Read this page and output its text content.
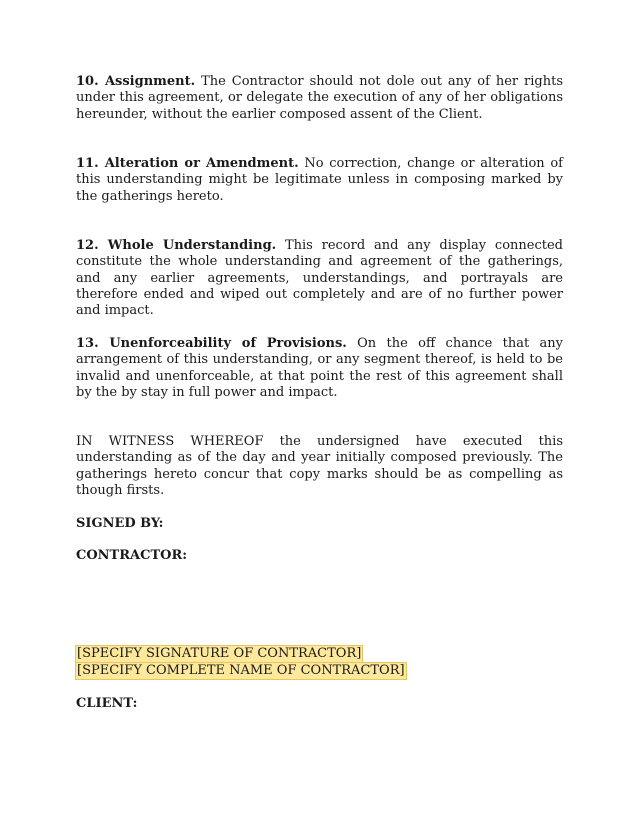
10. Assignment. The Contractor should not dole out any of her rights under this agreement, or delegate the execution of any of her obligations hereunder, without the earlier composed assent of the Client.

11. Alteration or Amendment. No correction, change or alteration of this understanding might be legitimate unless in composing marked by the gatherings hereto.

12. Whole Understanding. This record and any display connected constitute the whole understanding and agreement of the gatherings, and any earlier agreements, understandings, and portrayals are therefore ended and wiped out completely and are of no further power and impact.

13. Unenforceability of Provisions. On the off chance that any arrangement of this understanding, or any segment thereof, is held to be invalid and unenforceable, at that point the rest of this agreement shall by the by stay in full power and impact.

IN WITNESS WHEREOF the undersigned have executed this understanding as of the day and year initially composed previously. The gatherings hereto concur that copy marks should be as compelling as though firsts.

SIGNED BY:

CONTRACTOR:

[SPECIFY SIGNATURE OF CONTRACTOR]
[SPECIFY COMPLETE NAME OF CONTRACTOR]

CLIENT:
